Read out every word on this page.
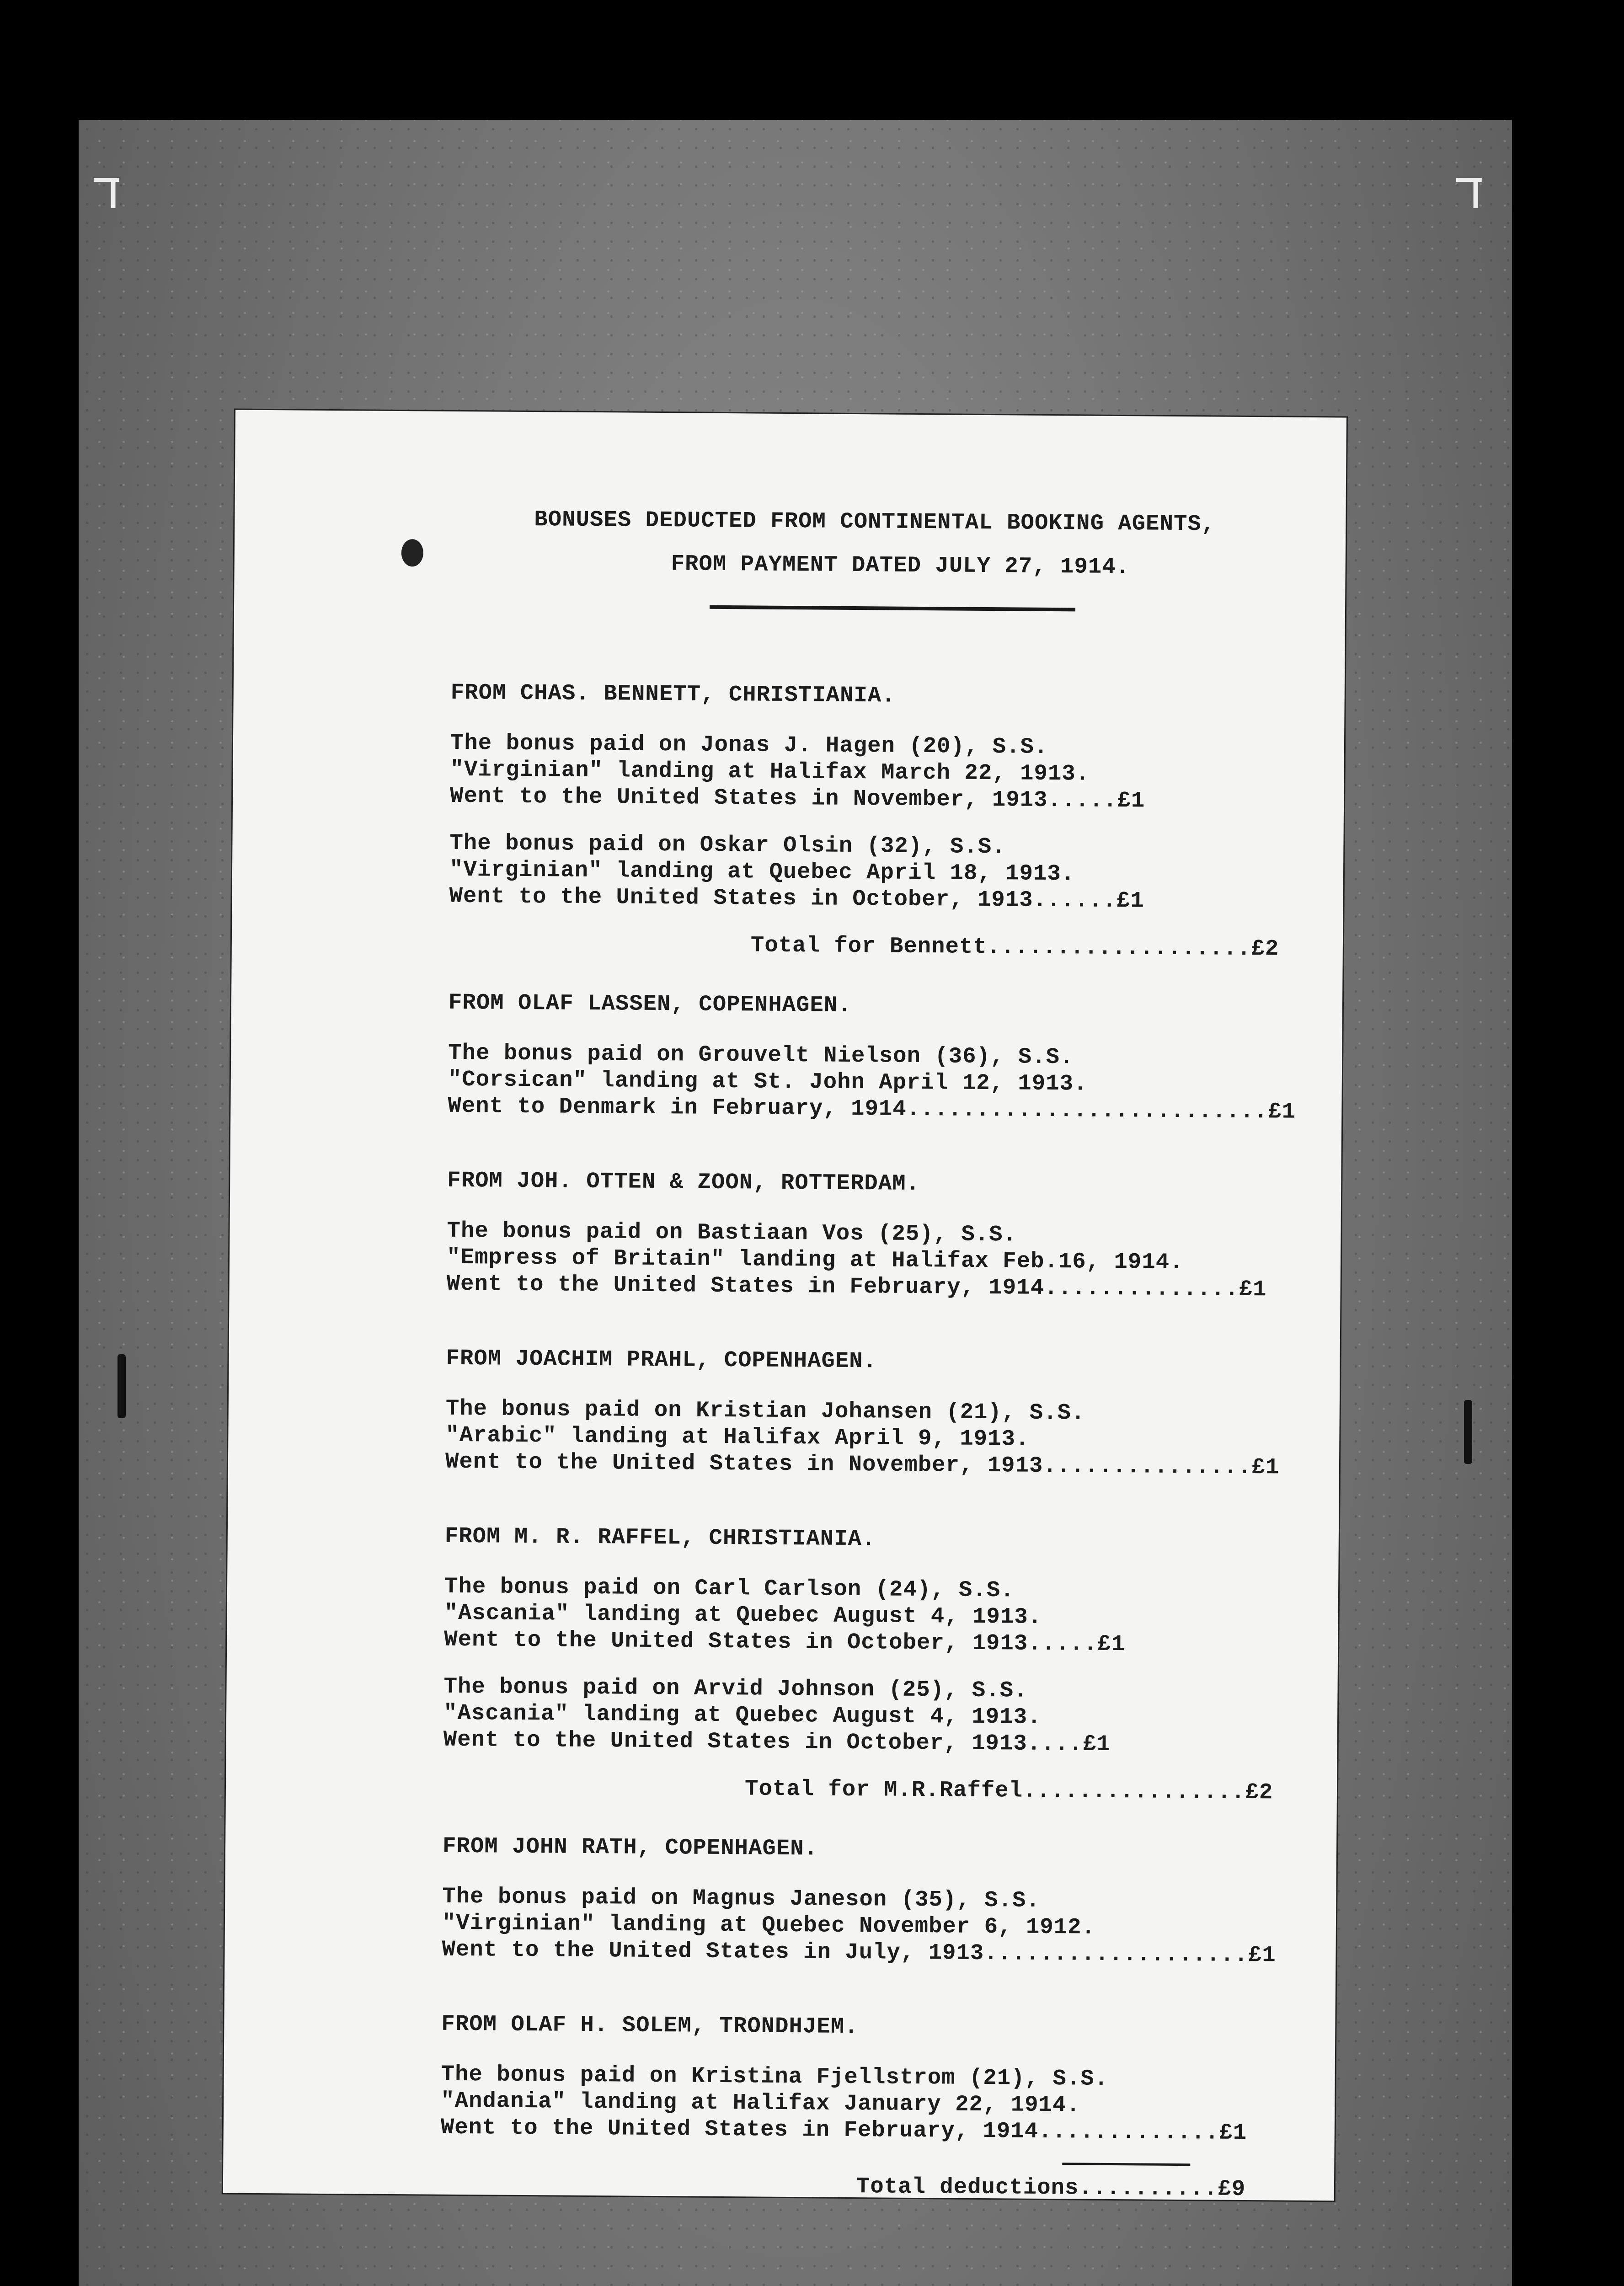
ד	ד

BONUSES DEDUCTED FROM CONTINENTAL BOOKING AGENTS,

FROM PAYMENT DATED JULY 27, 1914.

FROM CHAS. BENNETT, CHRISTIANIA.

The bonus paid on Jonas J. Hagen (20), S.S.

"Virginian" landing at Halifax March 22, 1913.

Went to the United States in November, 1913.....£1

The bonus paid on Oskar Olsin (32), S.S.

"Virginian" landing at Quebec April 18, 1913.

Went to the United States in October, 1913......£1

Total for Bennett...................£2

FROM OLAF LASSEN, COPENHAGEN.

The bonus paid on Grouvelt Nielson (36), S.S.

"Corsican" landing at St. John April 12, 1913.

Went to Denmark in February, 1914..........................£1

FROM JOH. OTTEN & ZOON, ROTTERDAM.

The bonus paid on Bastiaan Vos (25), S.S.

"Empress of Britain" landing at Halifax Feb.16, 1914.

Went to the United States in February, 1914..............£1

FROM JOACHIM PRAHL, COPENHAGEN.

The bonus paid on Kristian Johansen (21), S.S.

"Arabic" landing at Halifax April 9, 1913.

Went to the United States in November, 1913...............£1

FROM M. R. RAFFEL, CHRISTIANIA.

The bonus paid on Carl Carlson (24), S.S.

"Ascania" landing at Quebec August 4, 1913.

Went to the United States in October, 1913.....£1

The bonus paid on Arvid Johnson (25), S.S.

"Ascania" landing at Quebec August 4, 1913.

Went to the United States in October, 1913....£1

Total for M.R.Raffel................£2

FROM JOHN RATH, COPENHAGEN.

The bonus paid on Magnus Janeson (35), S.S.

"Virginian" landing at Quebec November 6, 1912.

Went to the United States in July, 1913...................£1

FROM OLAF H. SOLEM, TRONDHJEM.

The bonus paid on Kristina Fjellstrom (21), S.S.

"Andania" landing at Halifax January 22, 1914.

Went to the United States in February, 1914.............£1

Total deductions..........£9
